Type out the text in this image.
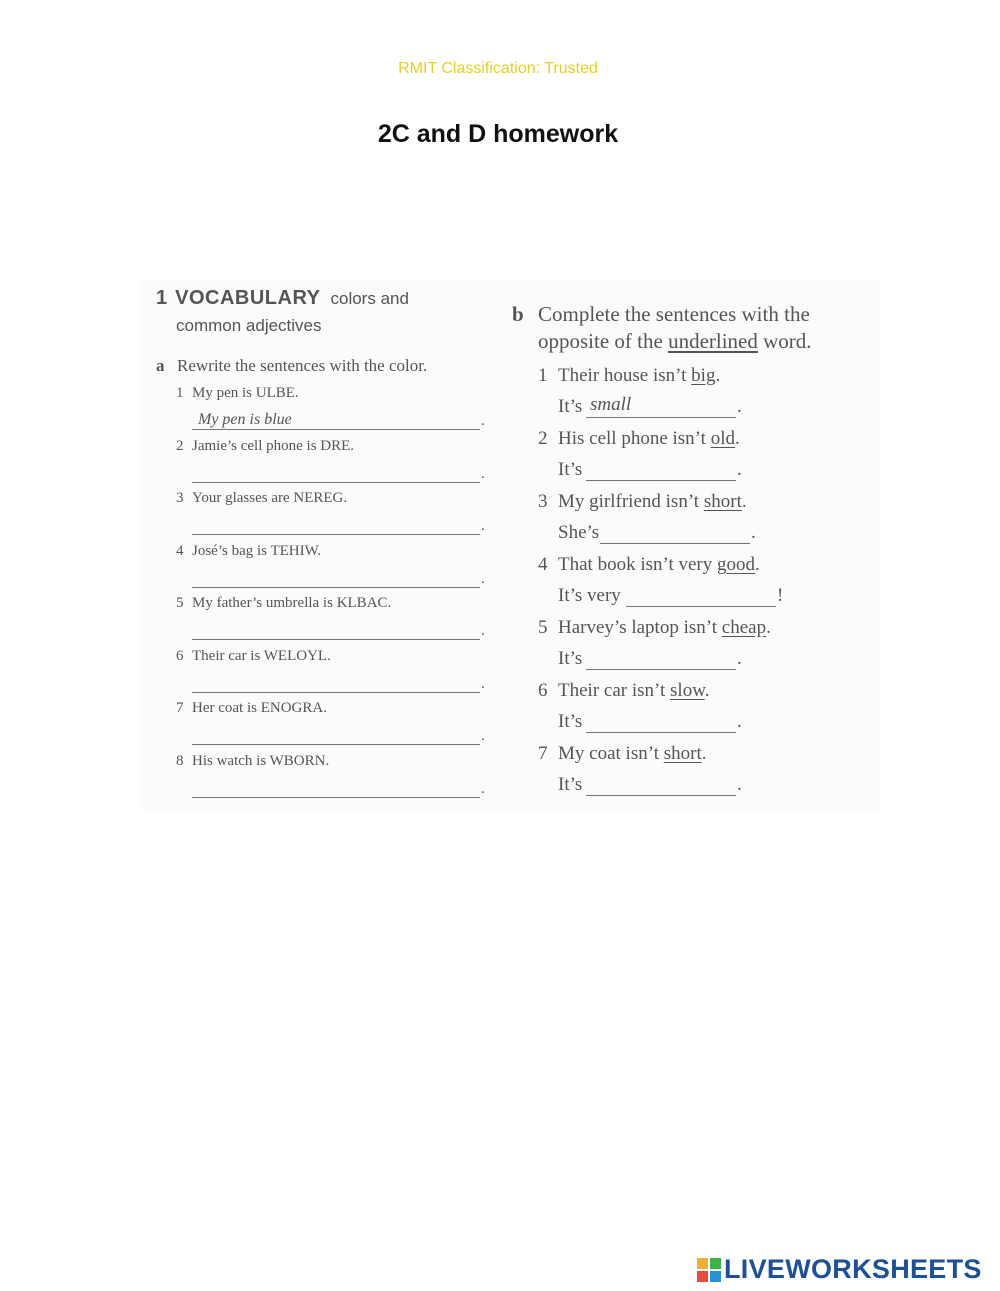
RMIT Classification: Trusted
2C and D homework
1 VOCABULARY colors and
common adjectives
a Rewrite the sentences with the color.
1 My pen is ULBE.
My pen is blue	.
2 Jamie’s cell phone is DRE.
.
3 Your glasses are NEREG.
.
4 José’s bag is TEHIW.
.
5 My father’s umbrella is KLBAC.
.
6 Their car is WELOYL.
.
7 Her coat is ENOGRA.
.
8 His watch is WBORN.
.
b Complete the sentences with the
opposite of the underlined word.
1 Their house isn’t big.
It’s small	.
2 His cell phone isn’t old.
It’s	.
3 My girlfriend isn’t short.
She’s	.
4 That book isn’t very good.
It’s very	!
5 Harvey’s laptop isn’t cheap.
It’s	.
6 Their car isn’t slow.
It’s	.
7 My coat isn’t short.
It’s	.
LIVEWORKSHEETS
